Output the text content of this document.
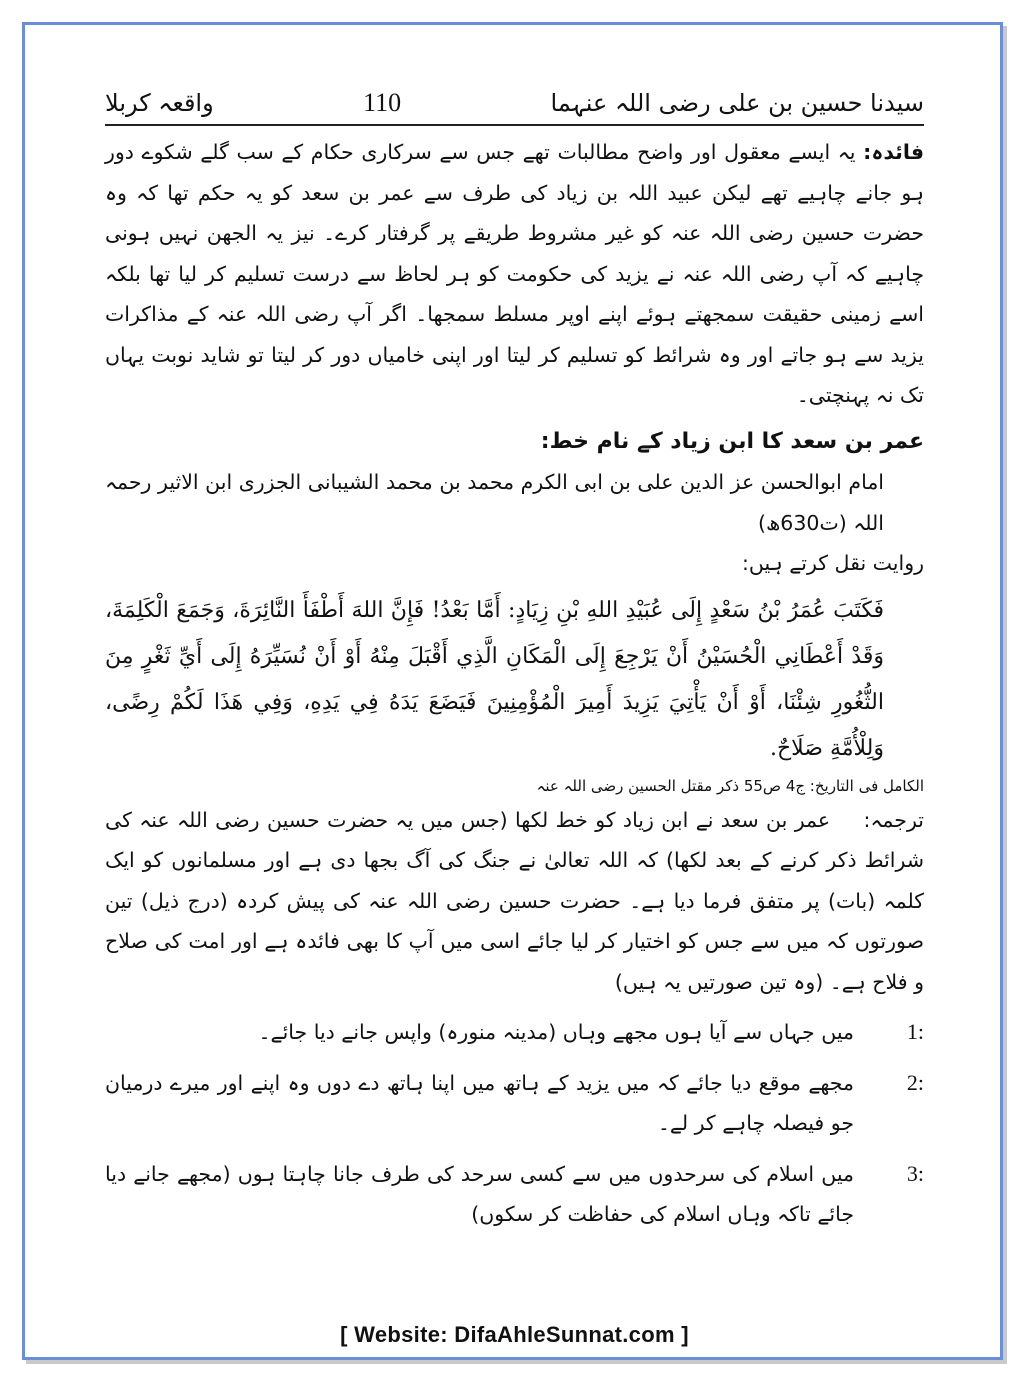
سیدنا حسین بن علی رضی اللہ عنہما
110
واقعہ کربلا

فائدہ: یہ ایسے معقول اور واضح مطالبات تھے جس سے سرکاری حکام کے سب گلے شکوے دور ہو جانے چاہیے تھے لیکن عبید اللہ بن زیاد کی طرف سے عمر بن سعد کو یہ حکم تھا کہ وہ حضرت حسین رضی اللہ عنہ کو غیر مشروط طریقے پر گرفتار کرے۔ نیز یہ الجھن نہیں ہونی چاہیے کہ آپ رضی اللہ عنہ نے یزید کی حکومت کو ہر لحاظ سے درست تسلیم کر لیا تھا بلکہ اسے زمینی حقیقت سمجھتے ہوئے اپنے اوپر مسلط سمجھا۔ اگر آپ رضی اللہ عنہ کے مذاکرات یزید سے ہو جاتے اور وہ شرائط کو تسلیم کر لیتا اور اپنی خامیاں دور کر لیتا تو شاید نوبت یہاں تک نہ پہنچتی۔

عمر بن سعد کا ابن زیاد کے نام خط:

امام ابوالحسن عز الدین علی بن ابی الکرم محمد بن محمد الشیبانی الجزری ابن الاثیر رحمہ اللہ (ت630ھ)

روایت نقل کرتے ہیں:

فَكَتَبَ عُمَرُ بْنُ سَعْدٍ إِلَى عُبَيْدِ اللهِ بْنِ زِيَادٍ: أَمَّا بَعْدُ! فَإِنَّ اللهَ أَطْفَأَ النَّائِرَةَ، وَجَمَعَ الْكَلِمَةَ، وَقَدْ أَعْطَانِي الْحُسَيْنُ أَنْ يَرْجِعَ إِلَى الْمَكَانِ الَّذِي أَقْبَلَ مِنْهُ أَوْ أَنْ نُسَيِّرَهُ إِلَى أَيِّ ثَغْرٍ مِنَ الثُّغُورِ شِئْنَا، أَوْ أَنْ يَأْتِيَ يَزِيدَ أَمِيرَ الْمُؤْمِنِينَ فَيَضَعَ يَدَهُ فِي يَدِهِ، وَفِي هَذَا لَكُمْ رِضًى، وَلِلْأُمَّةِ صَلَاحٌ.

الکامل فی التاریخ: ج4 ص55 ذکر مقتل الحسین رضی اللہ عنہ

ترجمہ: عمر بن سعد نے ابن زیاد کو خط لکھا (جس میں یہ حضرت حسین رضی اللہ عنہ کی شرائط ذکر کرنے کے بعد لکھا) کہ اللہ تعالیٰ نے جنگ کی آگ بجھا دی ہے اور مسلمانوں کو ایک کلمہ (بات) پر متفق فرما دیا ہے۔ حضرت حسین رضی اللہ عنہ کی پیش کردہ (درج ذیل) تین صورتوں کہ میں سے جس کو اختیار کر لیا جائے اسی میں آپ کا بھی فائدہ ہے اور امت کی صلاح و فلاح ہے۔ (وہ تین صورتیں یہ ہیں)

1:
میں جہاں سے آیا ہوں مجھے وہاں (مدینہ منورہ) واپس جانے دیا جائے۔
2:
مجھے موقع دیا جائے کہ میں یزید کے ہاتھ میں اپنا ہاتھ دے دوں وہ اپنے اور میرے درمیان جو فیصلہ چاہے کر لے۔
3:
میں اسلام کی سرحدوں میں سے کسی سرحد کی طرف جانا چاہتا ہوں (مجھے جانے دیا جائے تاکہ وہاں اسلام کی حفاظت کر سکوں)
[ Website: DifaAhleSunnat.com ]
